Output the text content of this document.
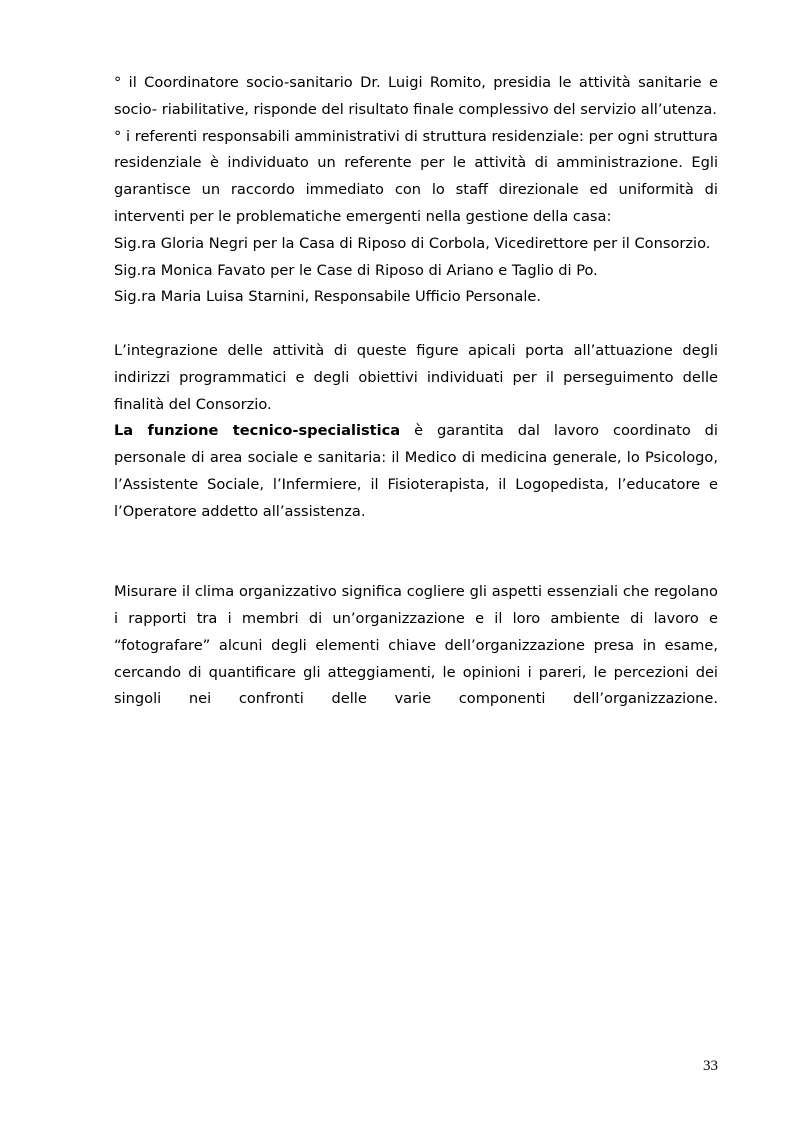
° il Coordinatore socio-sanitario Dr. Luigi Romito, presidia le attività sanitarie e socio- riabilitative, risponde del risultato finale complessivo del servizio all’utenza.

° i referenti responsabili amministrativi di struttura residenziale: per ogni struttura residenziale è individuato un referente per le attività di amministrazione. Egli garantisce un raccordo immediato con lo staff direzionale ed uniformità di interventi per le problematiche emergenti nella gestione della casa:

Sig.ra Gloria Negri per la Casa di Riposo di Corbola, Vicedirettore per il Consorzio.

Sig.ra Monica Favato per le Case di Riposo di Ariano e Taglio di Po.

Sig.ra Maria Luisa Starnini, Responsabile Ufficio Personale.

L’integrazione delle attività di queste figure apicali porta all’attuazione degli indirizzi programmatici e degli obiettivi individuati per il perseguimento delle finalità del Consorzio.

La funzione tecnico-specialistica è garantita dal lavoro coordinato di personale di area sociale e sanitaria: il Medico di medicina generale, lo Psicologo, l’Assistente Sociale, l’Infermiere, il Fisioterapista, il Logopedista, l’educatore e l’Operatore addetto all’assistenza.

Misurare il clima organizzativo significa cogliere gli aspetti essenziali che regolano i rapporti tra i membri di un’organizzazione e il loro ambiente di lavoro e “fotografare” alcuni degli elementi chiave dell’organizzazione presa in esame, cercando di quantificare gli atteggiamenti, le opinioni i pareri, le percezioni dei singoli nei confronti delle varie componenti dell’organizzazione.

33
